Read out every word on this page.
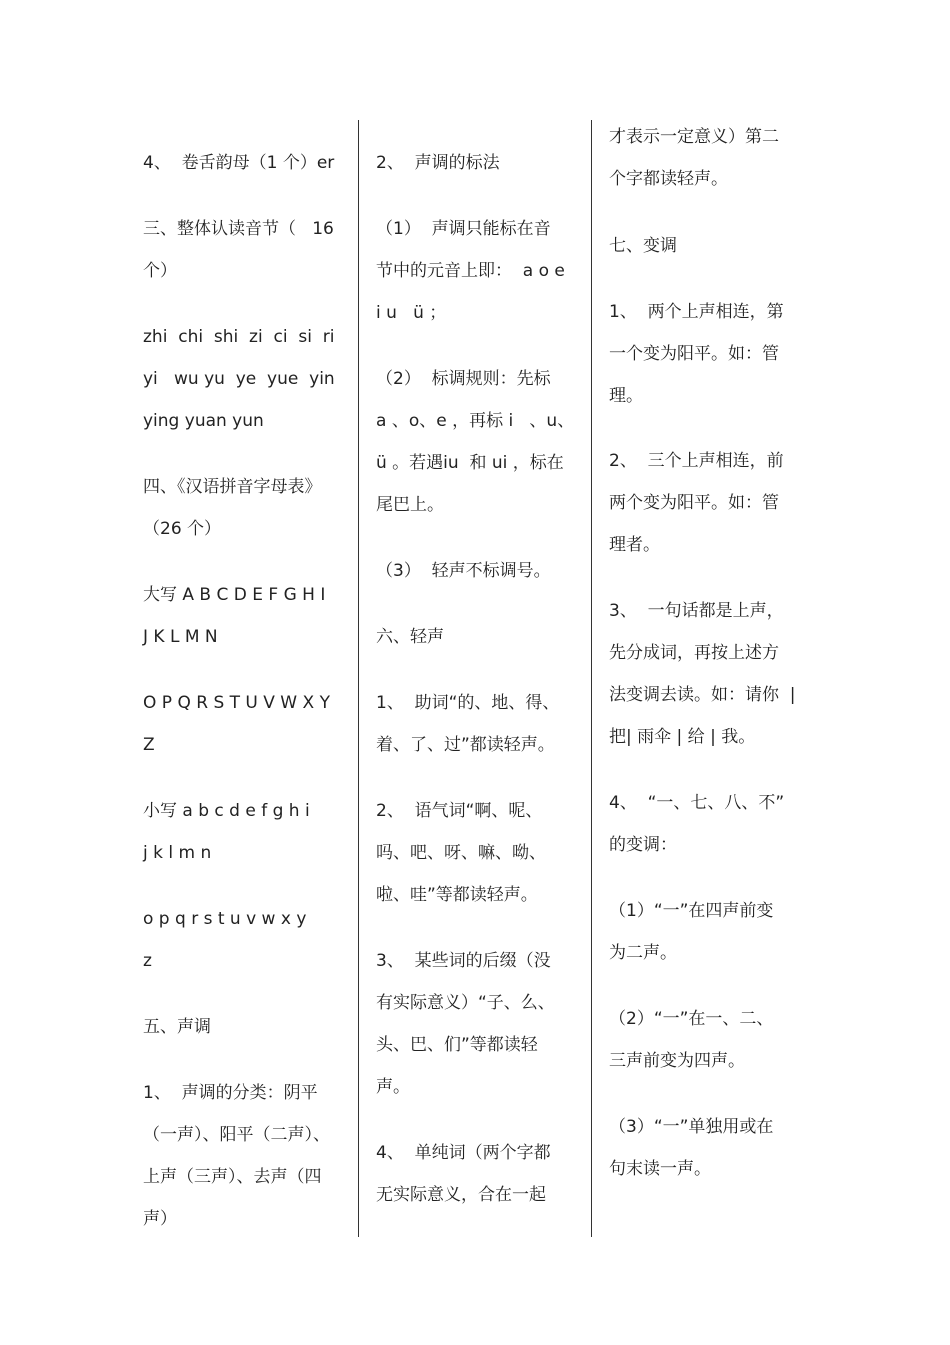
4、  卷舌韵母（1 个）er
三、整体认读音节（   16
个）
zhi  chi  shi  zi  ci  si  ri
yi   wu yu  ye  yue  yin
ying yuan yun
四、《汉语拼音字母表》
（26 个）
大写 A B C D E F G H I
J K L M N
O P Q R S T U V W X Y
Z
小写 a b c d e f g h i
j k l m n
o p q r s t u v w x y
z
五、声调
1、  声调的分类：阴平
（一声）、阳平（二声）、
上声（三声）、去声（四
声）
2、  声调的标法
（1）  声调只能标在音
节中的元音上即：  a o e
i u   ü ；
（2）  标调规则：先标
a 、o、e ，再标 i   、u、
ü 。若遇iu  和 ui ，标在
尾巴上。
（3）  轻声不标调号。
六、轻声
1、  助词“的、地、得、
着、了、过”都读轻声。
2、  语气词“啊、呢、
吗、吧、呀、嘛、呦、
啦、哇”等都读轻声。
3、  某些词的后缀（没
有实际意义）“子、么、
头、巴、们”等都读轻
声。
4、  单纯词（两个字都
无实际意义，合在一起
才表示一定意义）第二
个字都读轻声。
七、变调
1、  两个上声相连，第
一个变为阳平。如：管
理。
2、  三个上声相连，前
两个变为阳平。如：管
理者。
3、  一句话都是上声，
先分成词，再按上述方
法变调去读。如：请你  |
把| 雨伞 | 给 | 我。
4、  “一、七、八、不”
的变调：
（1）“一”在四声前变
为二声。
（2）“一”在一、二、
三声前变为四声。
（3）“一”单独用或在
句末读一声。
